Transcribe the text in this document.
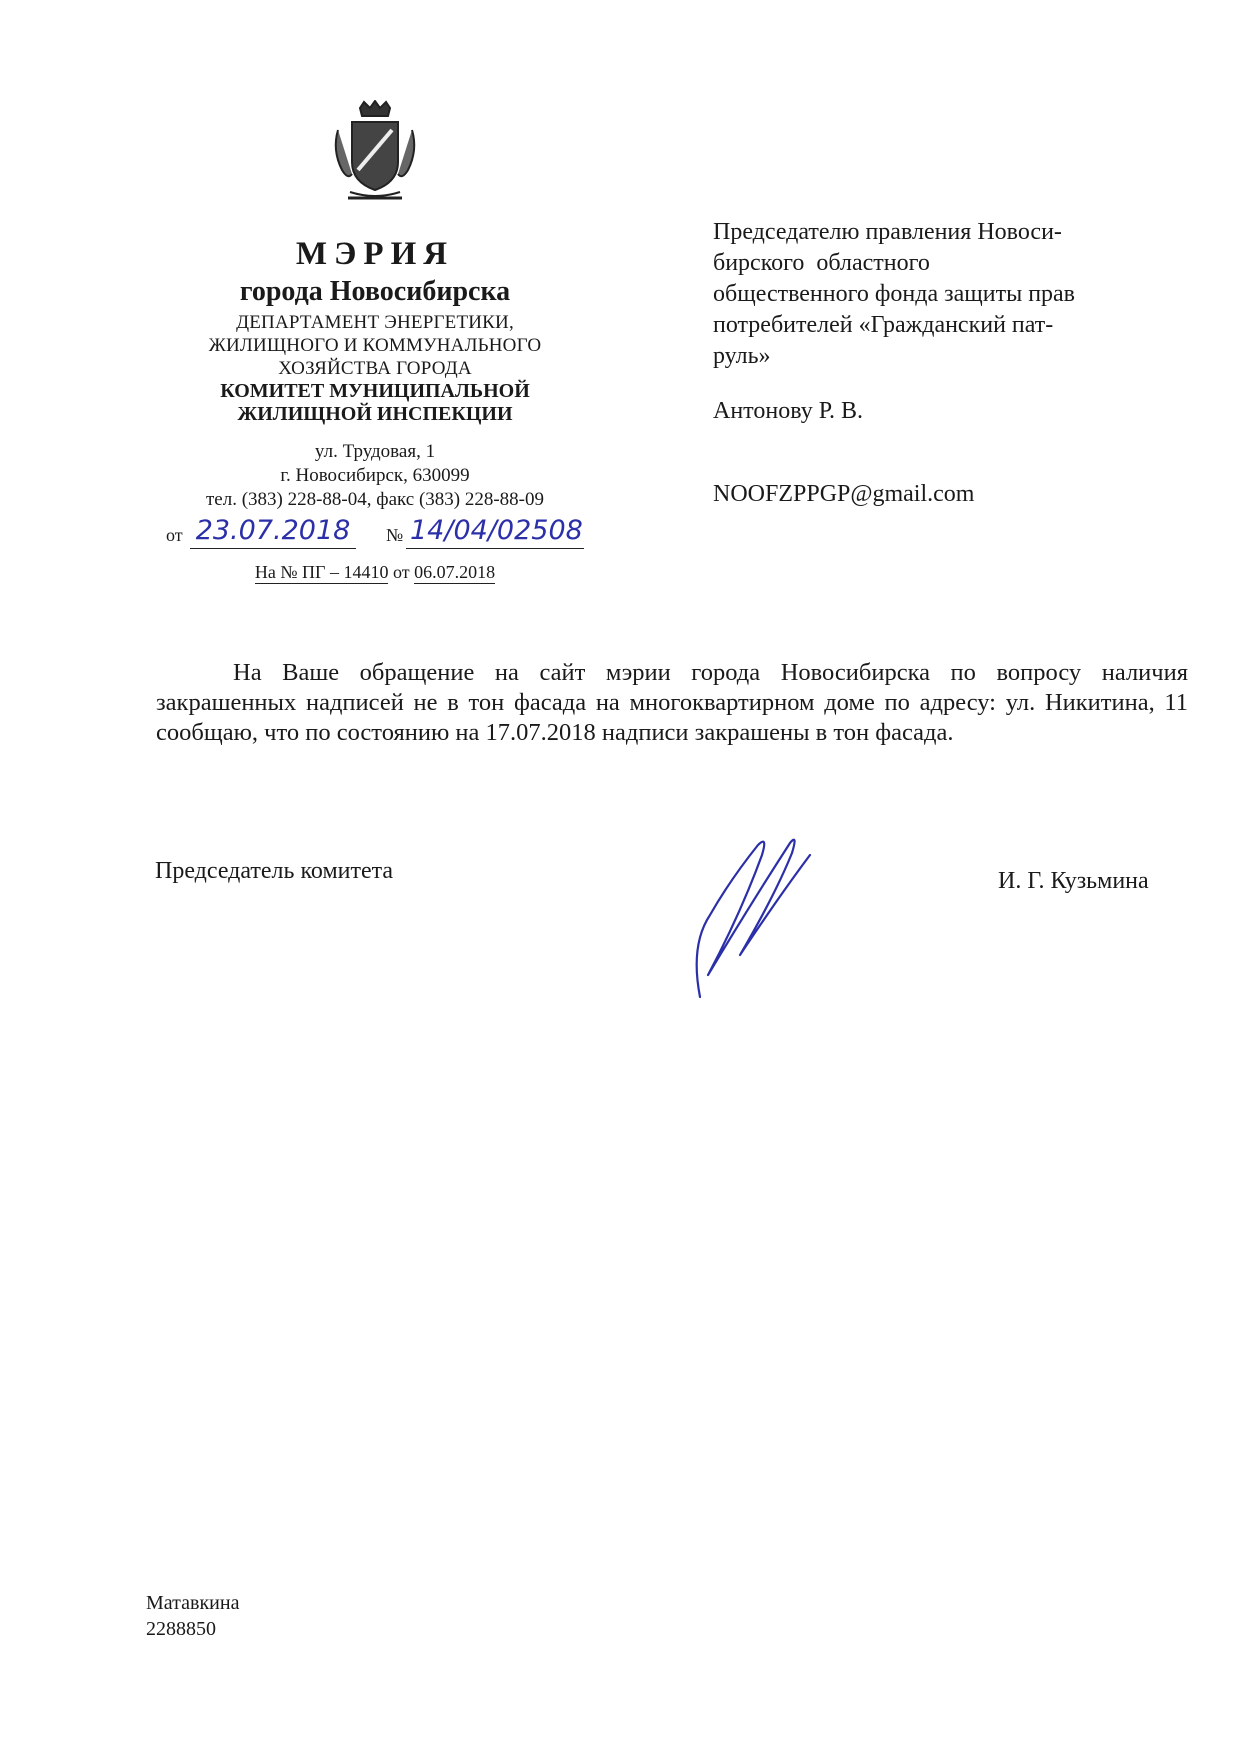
МЭРИЯ
города Новосибирска
ДЕПАРТАМЕНТ ЭНЕРГЕТИКИ,
ЖИЛИЩНОГО И КОММУНАЛЬНОГО
ХОЗЯЙСТВА ГОРОДА
КОМИТЕТ МУНИЦИПАЛЬНОЙ
ЖИЛИЩНОЙ ИНСПЕКЦИИ
ул. Трудовая, 1
г. Новосибирск, 630099
тел. (383) 228-88-04, факс (383) 228-88-09
от 23.07.2018	№ 14/04/02508
На № ПГ – 14410 от 06.07.2018
Председателю правления Новоси-
бирского  областного
общественного фонда защиты прав
потребителей «Гражданский пат-
руль»
Антонову Р. В.
NOOFZPPGP@gmail.com
На Ваше обращение на сайт мэрии города Новосибирска по вопросу наличия закрашенных надписей не в тон фасада на многоквартирном доме по адресу: ул. Никитина, 11 сообщаю, что по состоянию на 17.07.2018 надписи закрашены в тон фасада.
Председатель комитета	И. Г. Кузьмина
Матавкина
2288850
